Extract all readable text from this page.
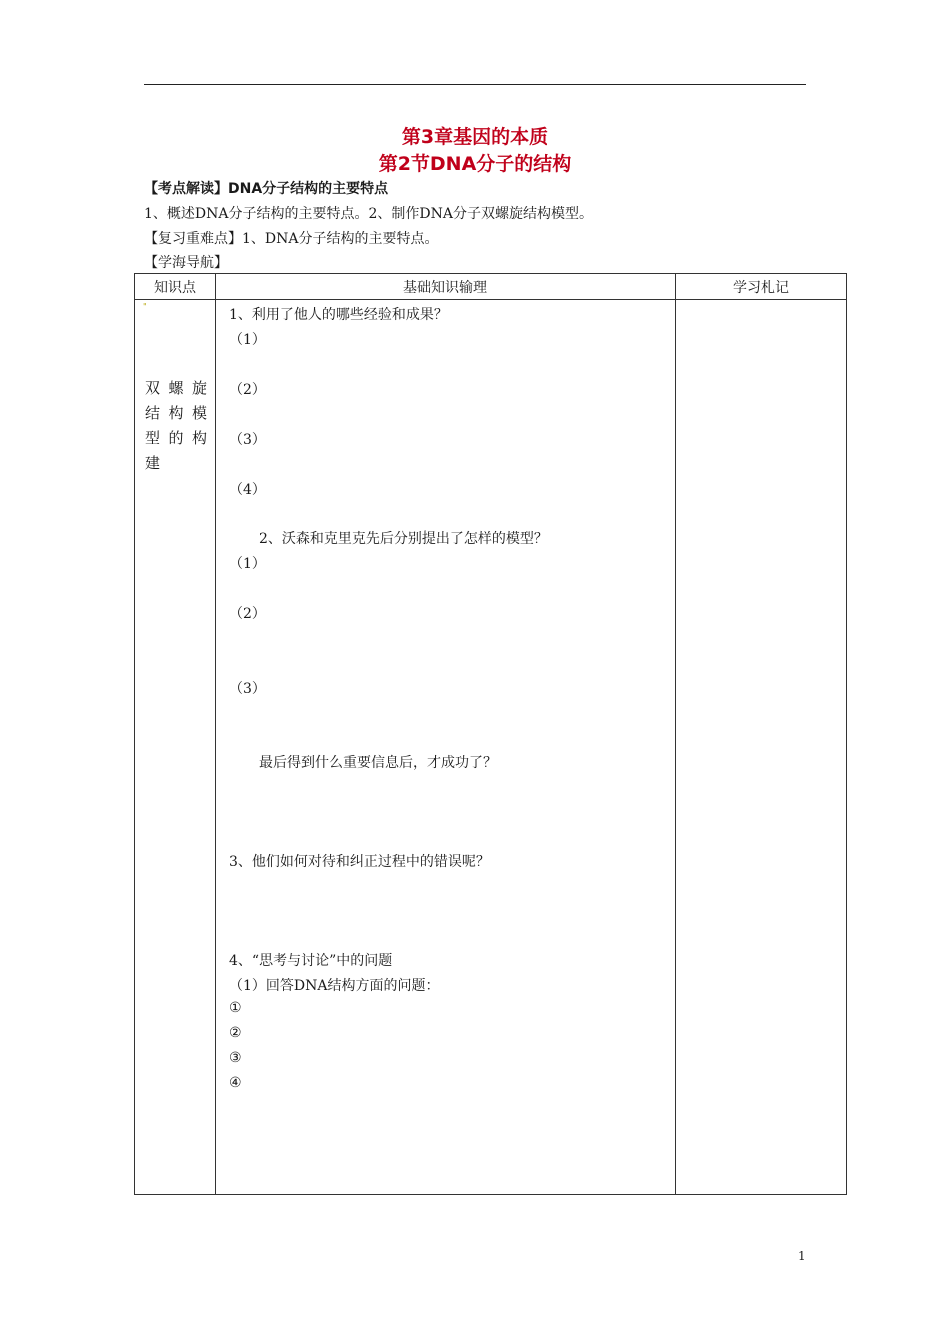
第3章基因的本质
第2节DNA分子的结构
【考点解读】DNA分子结构的主要特点
1、概述DNA分子结构的主要特点。2、制作DNA分子双螺旋结构模型。
【复习重难点】1、DNA分子结构的主要特点。
【学海导航】
知识点	基础知识输理	学习札记
"
双 螺 旋
结 构 模
型 的 构
建
1、利用了他人的哪些经验和成果？
（1）
（2）
（3）
（4）
2、沃森和克里克先后分别提出了怎样的模型？
（1）
（2）
（3）
最后得到什么重要信息后，才成功了？
3、他们如何对待和纠正过程中的错误呢？
4、“思考与讨论”中的问题
（1）回答DNA结构方面的问题：
①
②
③
④
1
